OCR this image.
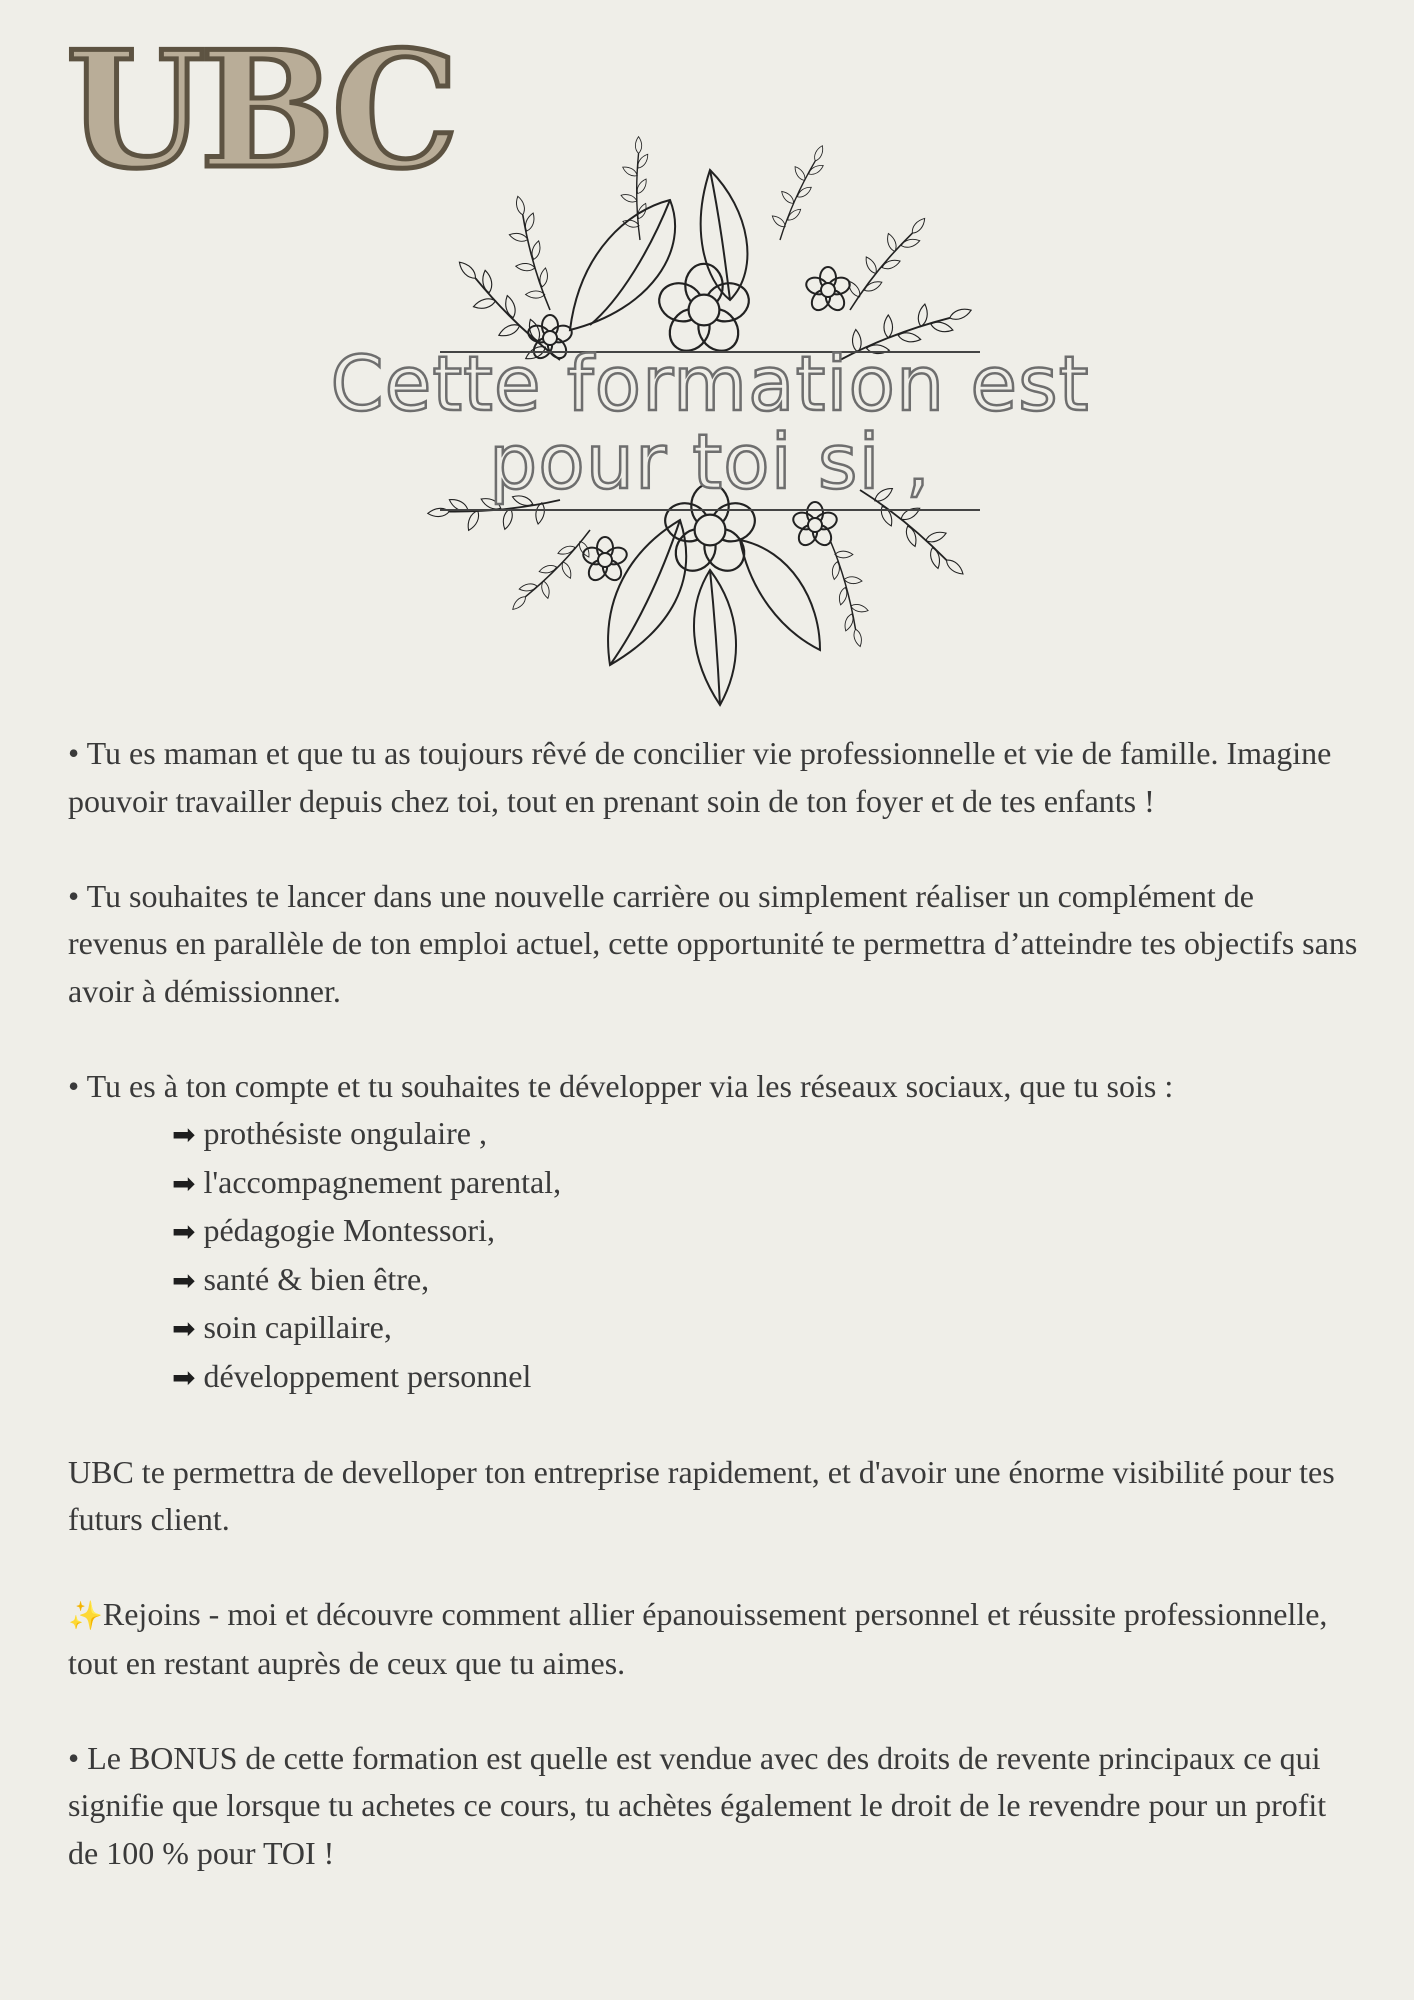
UBC
Cette formation est
pour toi si ,

• Tu es maman et que tu as toujours rêvé de concilier vie professionnelle et vie de famille. Imagine pouvoir travailler depuis chez toi, tout en prenant soin de ton foyer et de tes enfants !

• Tu souhaites te lancer dans une nouvelle carrière ou simplement réaliser un complément de revenus en parallèle de ton emploi actuel, cette opportunité te permettra d’atteindre tes objectifs sans avoir à démissionner.

• Tu es à ton compte et tu souhaites te développer via les réseaux sociaux, que tu sois :

➡ prothésiste ongulaire ,
➡ l'accompagnement parental,
➡ pédagogie Montessori,
➡ santé & bien être,
➡ soin capillaire,
➡ développement personnel

UBC te permettra de develloper ton entreprise rapidement, et d'avoir une énorme visibilité pour tes futurs client.

✨Rejoins - moi et découvre comment allier épanouissement personnel et réussite professionnelle, tout en restant auprès de ceux que tu aimes.

• Le BONUS de cette formation est quelle est vendue avec des droits de revente principaux ce qui signifie que lorsque tu achetes ce cours, tu achètes également le droit de le revendre pour un profit de 100 % pour TOI !
